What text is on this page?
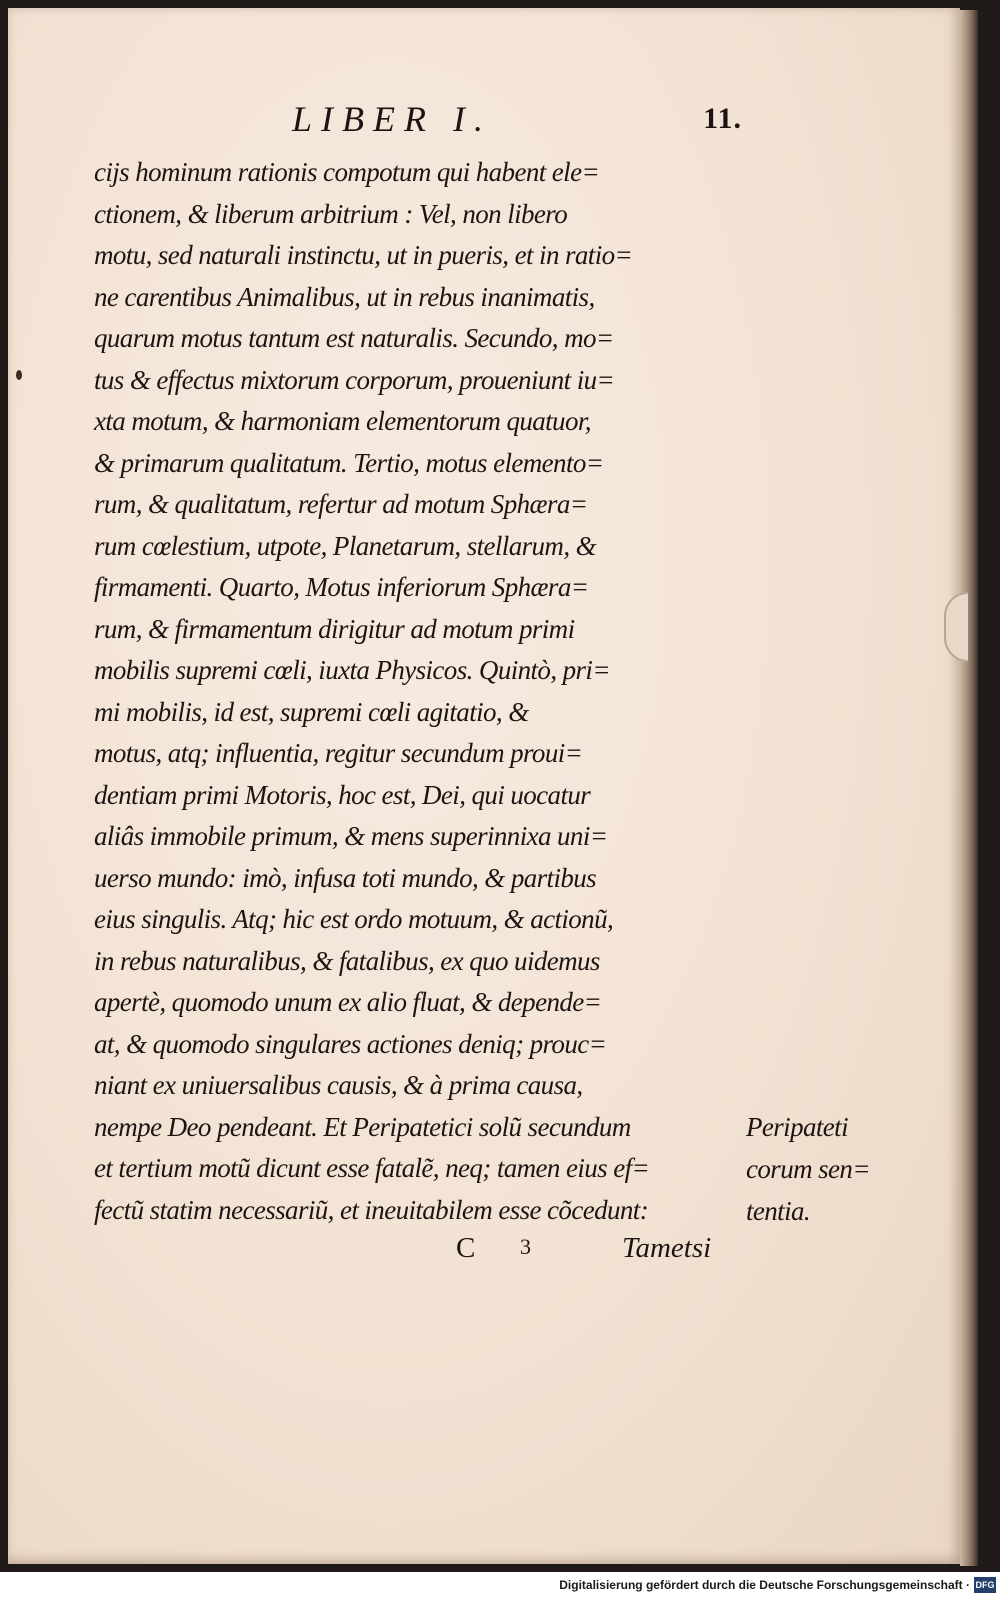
LIBER I.	11.
cijs hominum rationis compotum qui habent ele=
ctionem, & liberum arbitrium : Vel, non libero
motu, sed naturali instinctu, ut in pueris, et in ratio=
ne carentibus Animalibus, ut in rebus inanimatis,
quarum motus tantum est naturalis. Secundo, mo=
tus & effectus mixtorum corporum, proueniunt iu=
xta motum, & harmoniam elementorum quatuor,
& primarum qualitatum. Tertio, motus elemento=
rum, & qualitatum, refertur ad motum Sphæra=
rum cœlestium, utpote, Planetarum, stellarum, &
firmamenti. Quarto, Motus inferiorum Sphæra=
rum, & firmamentum dirigitur ad motum primi
mobilis supremi cœli, iuxta Physicos. Quintò, pri=
mi mobilis, id est, supremi cœli agitatio, &
motus, atq; influentia, regitur secundum proui=
dentiam primi Motoris, hoc est, Dei, qui uocatur
aliâs immobile primum, & mens superinnixa uni=
uerso mundo: imò, infusa toti mundo, & partibus
eius singulis. Atq; hic est ordo motuum, & actionũ,
in rebus naturalibus, & fatalibus, ex quo uidemus
apertè, quomodo unum ex alio fluat, & depende=
at, & quomodo singulares actiones deniq; prouc=
niant ex uniuersalibus causis, & à prima causa,
nempe Deo pendeant. Et Peripatetici solũ secundum
et tertium motũ dicunt esse fatalẽ, neq; tamen eius ef=
fectũ statim necessariũ, et ineuitabilem esse cõcedunt:
Peripateti
corum sen=
tentia.
C 3	Tametsi
Digitalisierung gefördert durch die Deutsche Forschungsgemeinschaft · DFG
